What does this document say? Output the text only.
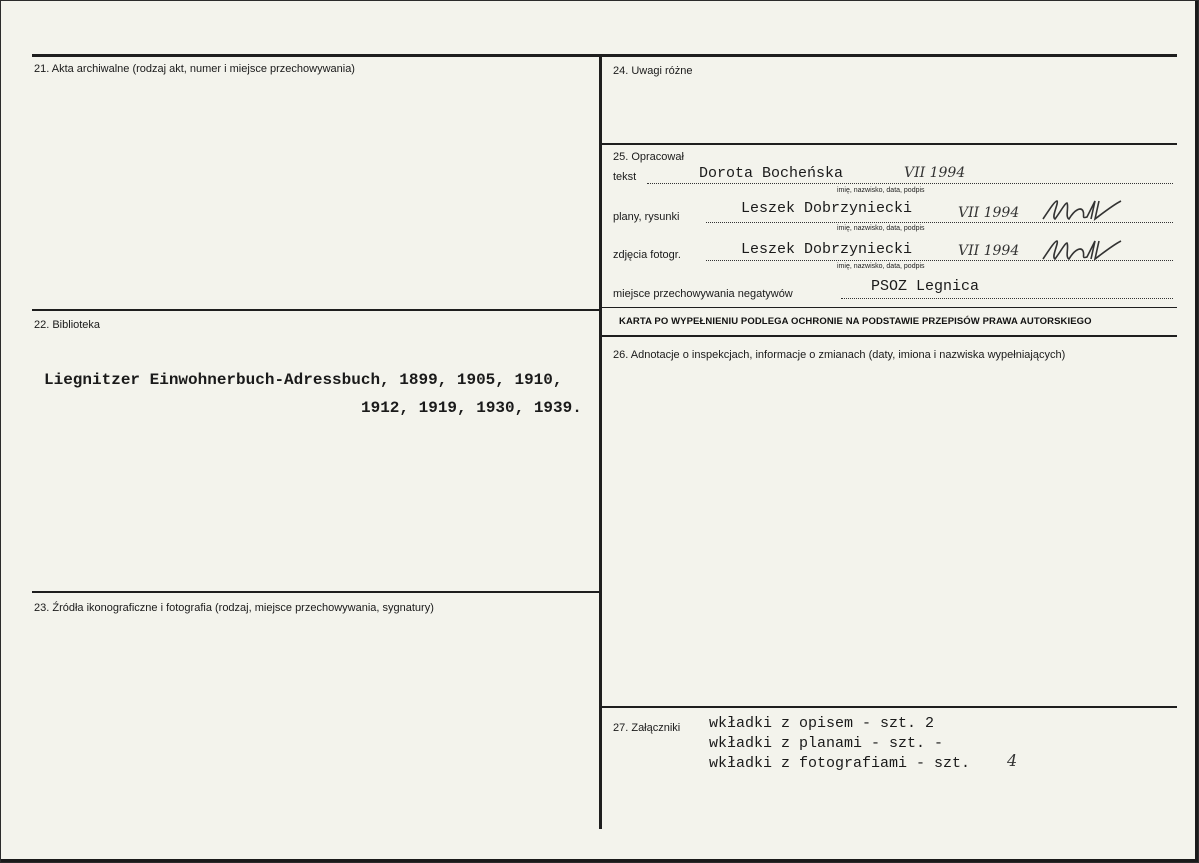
21. Akta archiwalne (rodzaj akt, numer i miejsce przechowywania)
22. Biblioteka
Liegnitzer Einwohnerbuch-Adressbuch, 1899, 1905, 1910,
1912, 1919, 1930, 1939.
23. Źródła ikonograficzne i fotografia (rodzaj, miejsce przechowywania, sygnatury)
24. Uwagi różne
25. Opracował
tekst	Dorota Bocheńska	VII 1994
imię, nazwisko, data, podpis
plany, rysunki	Leszek Dobrzyniecki	VII 1994
imię, nazwisko, data, podpis
zdjęcia fotogr.	Leszek Dobrzyniecki	VII 1994
imię, nazwisko, data, podpis
miejsce przechowywania negatywów	PSOZ Legnica
KARTA PO WYPEŁNIENIU PODLEGA OCHRONIE NA PODSTAWIE PRZEPISÓW PRAWA AUTORSKIEGO
26. Adnotacje o inspekcjach, informacje o zmianach (daty, imiona i nazwiska wypełniających)
27. Załączniki wkładki z opisem - szt. 2
wkładki z planami - szt. -
wkładki z fotografiami - szt. 4
